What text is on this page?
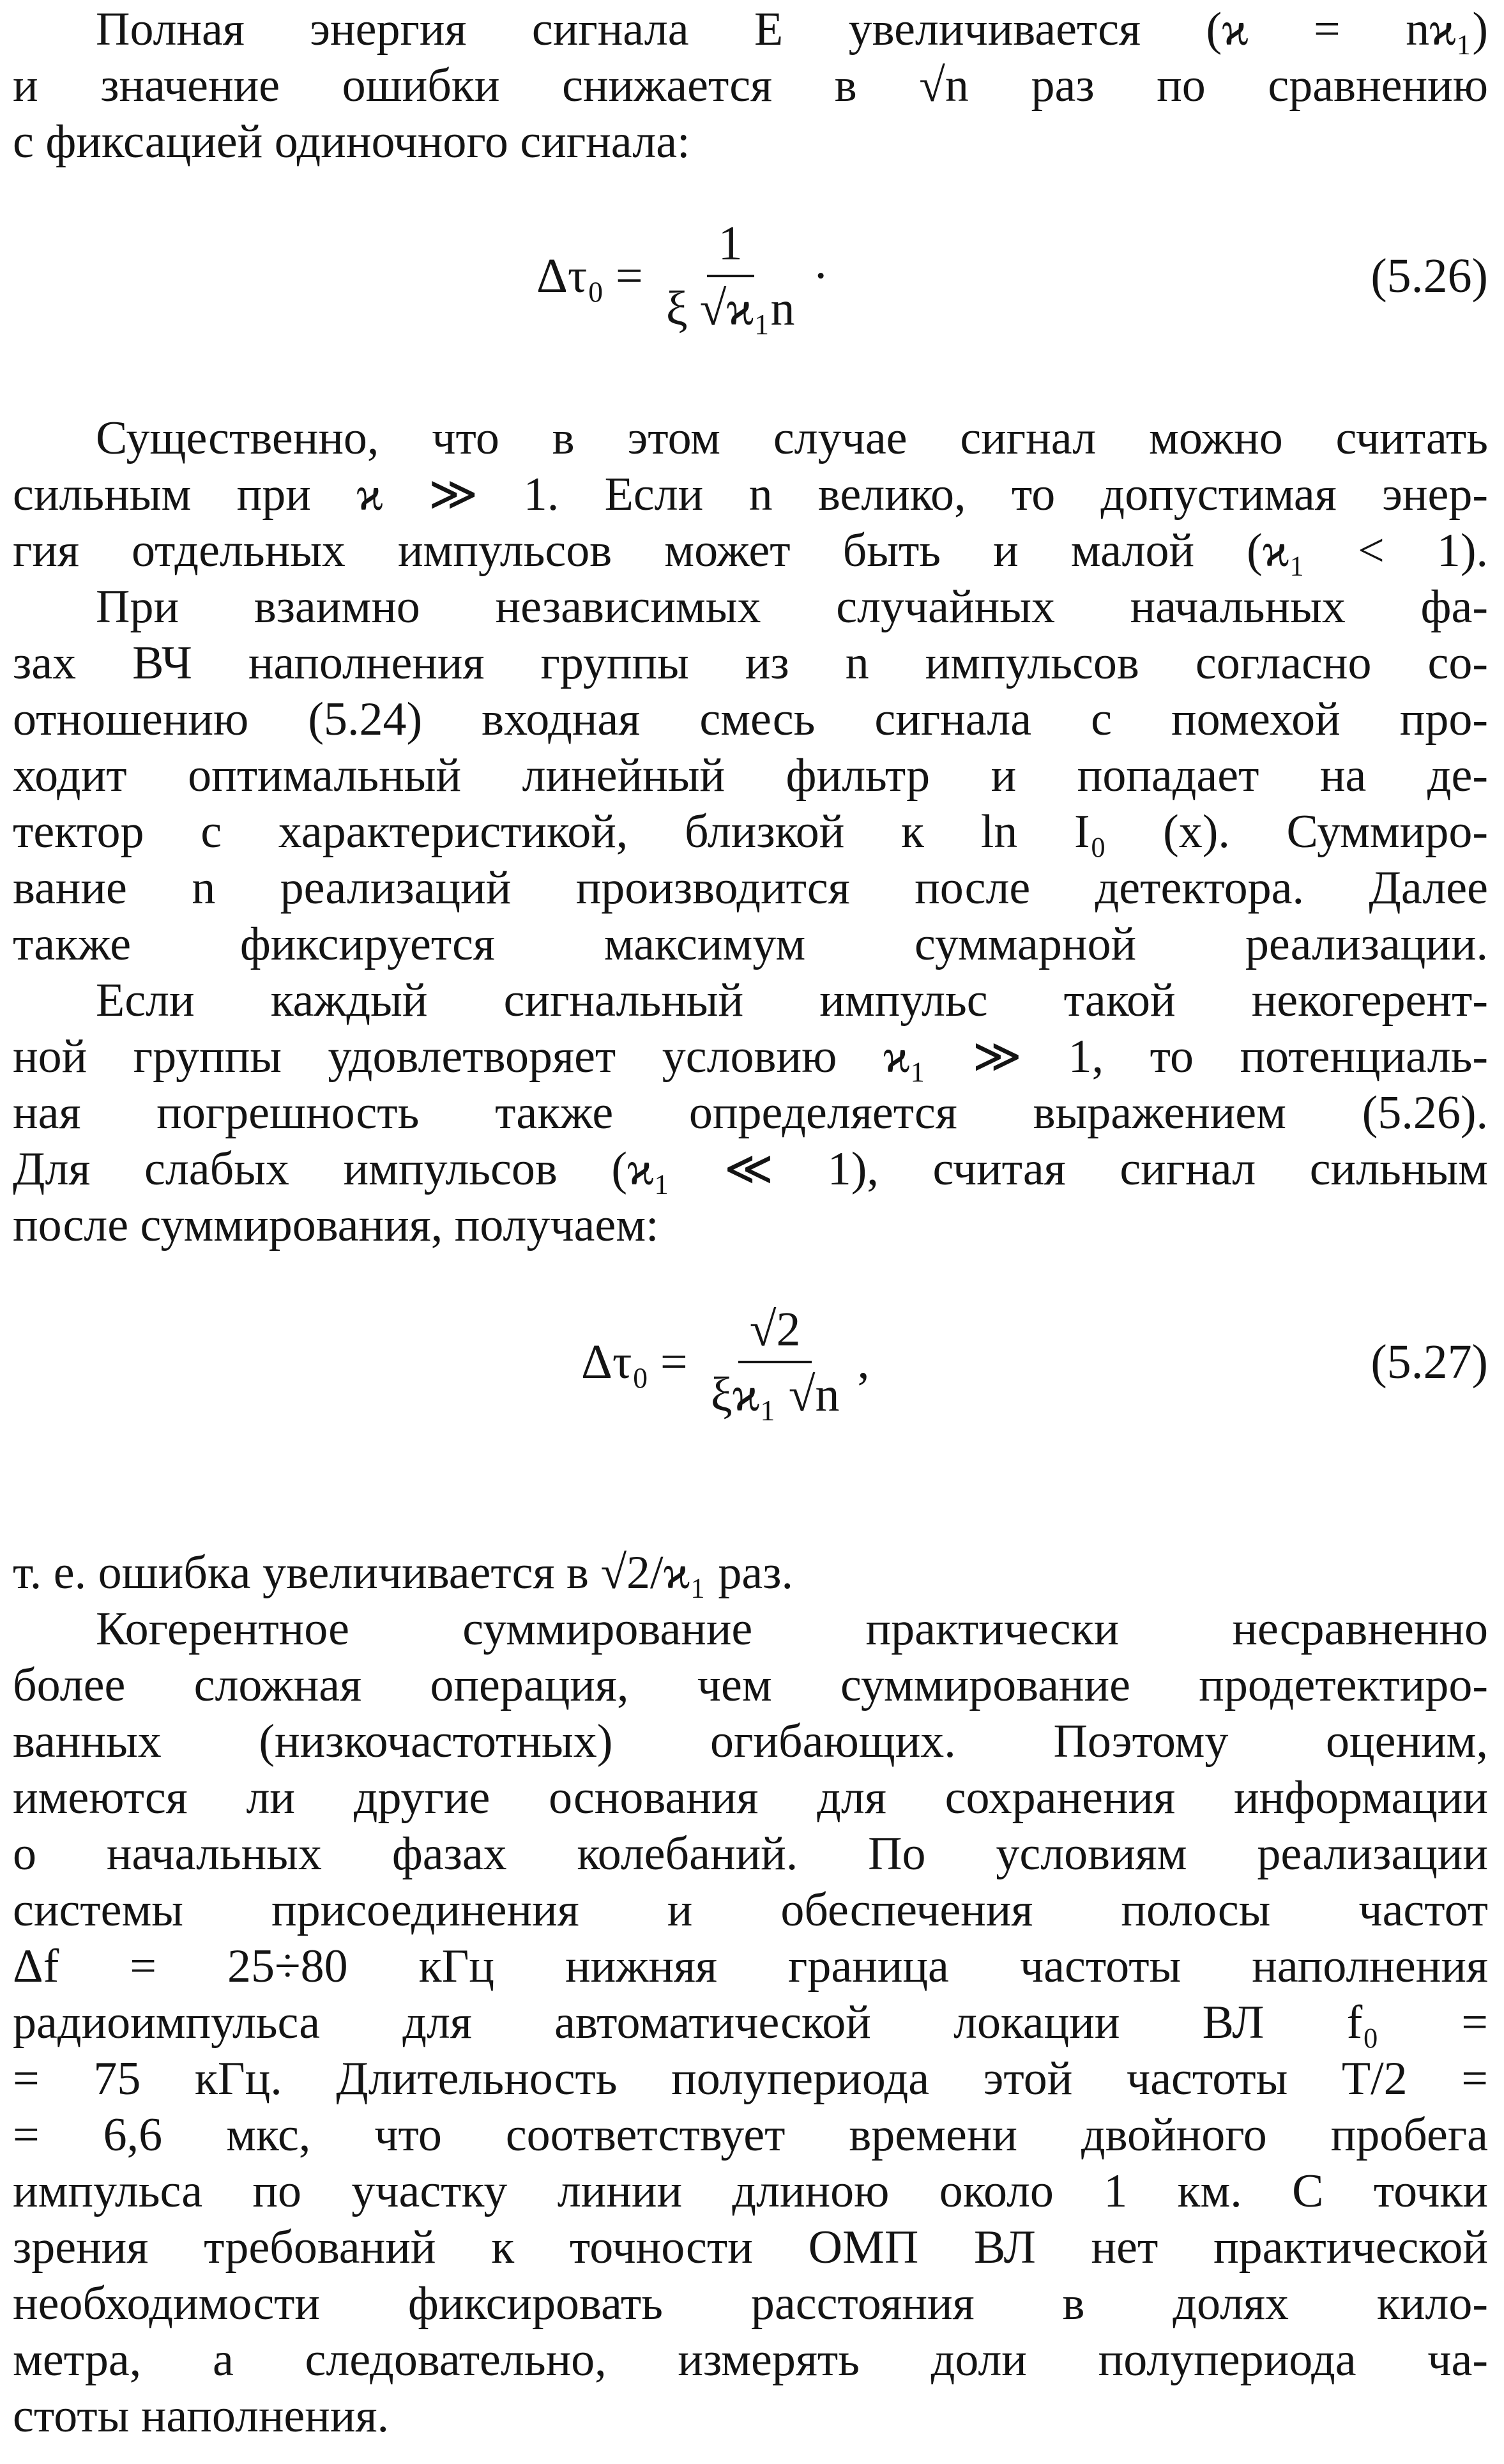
Полная энергия сигнала E увеличивается (ϰ = nϰ₁)
и значение ошибки снижается в √n раз по сравнению
с фиксацией одиночного сигнала:
$\Delta\tau_0 = \frac{1}{\text{ξ √ϰ₁n}}$ ·	(5.26)
Существенно, что в этом случае сигнал можно считать
сильным при ϰ ≫ 1. Если n велико, то допустимая энер-
гия отдельных импульсов может быть и малой (ϰ₁ < 1).
При взаимно независимых случайных начальных фа-
зах ВЧ наполнения группы из n импульсов согласно со-
отношению (5.24) входная смесь сигнала с помехой про-
ходит оптимальный линейный фильтр и попадает на де-
тектор с характеристикой, близкой к ln I₀ (x). Суммиро-
вание n реализаций производится после детектора. Далее
также фиксируется максимум суммарной реализации.
Если каждый сигнальный импульс такой некогерент-
ной группы удовлетворяет условию ϰ₁ ≫ 1, то потенциаль-
ная погрешность также определяется выражением (5.26).
Для слабых импульсов (ϰ₁ ≪ 1), считая сигнал сильным
после суммирования, получаем:
$\Delta\tau_0 = \frac{√2}{\text{ξϰ₁ √n}}$ ,	(5.27)
т. е. ошибка увеличивается в √2/ϰ₁ раз.
Когерентное суммирование практически несравненно
более сложная операция, чем суммирование продетектиро-
ванных (низкочастотных) огибающих. Поэтому оценим,
имеются ли другие основания для сохранения информации
о начальных фазах колебаний. По условиям реализации
системы присоединения и обеспечения полосы частот
Δf = 25÷80 кГц нижняя граница частоты наполнения
радиоимпульса для автоматической локации ВЛ f₀ =
= 75 кГц. Длительность полупериода этой частоты T/2 =
= 6,6 мкс, что соответствует времени двойного пробега
импульса по участку линии длиною около 1 км. С точки
зрения требований к точности ОМП ВЛ нет практической
необходимости фиксировать расстояния в долях кило-
метра, а следовательно, измерять доли полупериода ча-
стоты наполнения.
